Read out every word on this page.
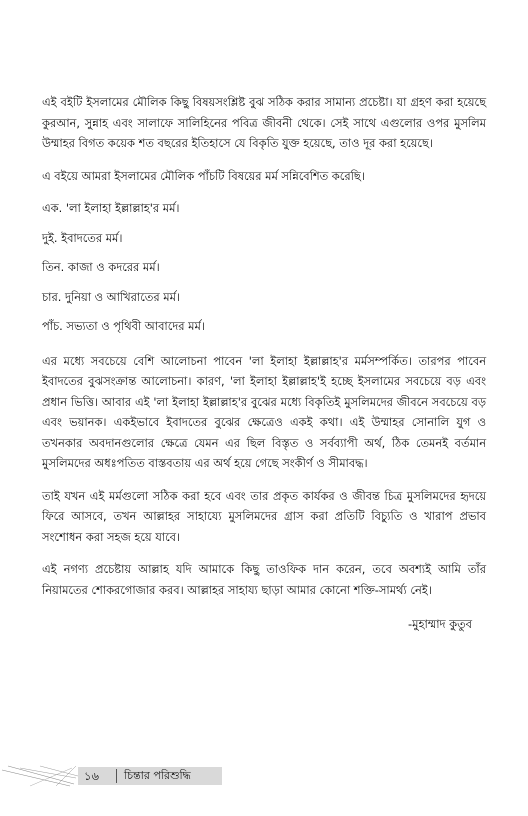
এই বইটি ইসলামের মৌলিক কিছু বিষয়সংশ্লিষ্ট বুঝ সঠিক করার সামান্য প্রচেষ্টা। যা গ্রহণ করা হয়েছে কুরআন, সুন্নাহ এবং সালাফে সালিহিনের পবিত্র জীবনী থেকে। সেই সাথে এগুলোর ওপর মুসলিম উম্মাহর বিগত কয়েক শত বছরের ইতিহাসে যে বিকৃতি যুক্ত হয়েছে, তাও দূর করা হয়েছে।

এ বইয়ে আমরা ইসলামের মৌলিক পাঁচটি বিষয়ের মর্ম সন্নিবেশিত করেছি।

এক. 'লা ইলাহা ইল্লাল্লাহ'র মর্ম।
দুই. ইবাদতের মর্ম।
তিন. কাজা ও কদরের মর্ম।
চার. দুনিয়া ও আখিরাতের মর্ম।
পাঁচ. সভ্যতা ও পৃথিবী আবাদের মর্ম।

এর মধ্যে সবচেয়ে বেশি আলোচনা পাবেন 'লা ইলাহা ইল্লাল্লাহ'র মর্মসম্পর্কিত। তারপর পাবেন ইবাদতের বুঝসংক্রান্ত আলোচনা। কারণ, 'লা ইলাহা ইল্লাল্লাহ'ই হচ্ছে ইসলামের সবচেয়ে বড় এবং প্রধান ভিত্তি। আবার এই 'লা ইলাহা ইল্লাল্লাহ'র বুঝের মধ্যে বিকৃতিই মুসলিমদের জীবনে সবচেয়ে বড় এবং ভয়ানক। একইভাবে ইবাদতের বুঝের ক্ষেত্রেও একই কথা। এই উম্মাহর সোনালি যুগ ও তখনকার অবদানগুলোর ক্ষেত্রে যেমন এর ছিল বিস্তৃত ও সর্বব্যাপী অর্থ, ঠিক তেমনই বর্তমান মুসলিমদের অধঃপতিত বাস্তবতায় এর অর্থ হয়ে গেছে সংকীর্ণ ও সীমাবদ্ধ।

তাই যখন এই মর্মগুলো সঠিক করা হবে এবং তার প্রকৃত কার্যকর ও জীবন্ত চিত্র মুসলিমদের হৃদয়ে ফিরে আসবে, তখন আল্লাহর সাহায্যে মুসলিমদের গ্রাস করা প্রতিটি বিচ্যুতি ও খারাপ প্রভাব সংশোধন করা সহজ হয়ে যাবে।

এই নগণ্য প্রচেষ্টায় আল্লাহ যদি আমাকে কিছু তাওফিক দান করেন, তবে অবশ্যই আমি তাঁর নিয়ামতের শোকরগোজার করব। আল্লাহর সাহায্য ছাড়া আমার কোনো শক্তি-সামর্থ্য নেই।

-মুহাম্মাদ কুতুব
১৬ চিন্তার পরিশুদ্ধি
